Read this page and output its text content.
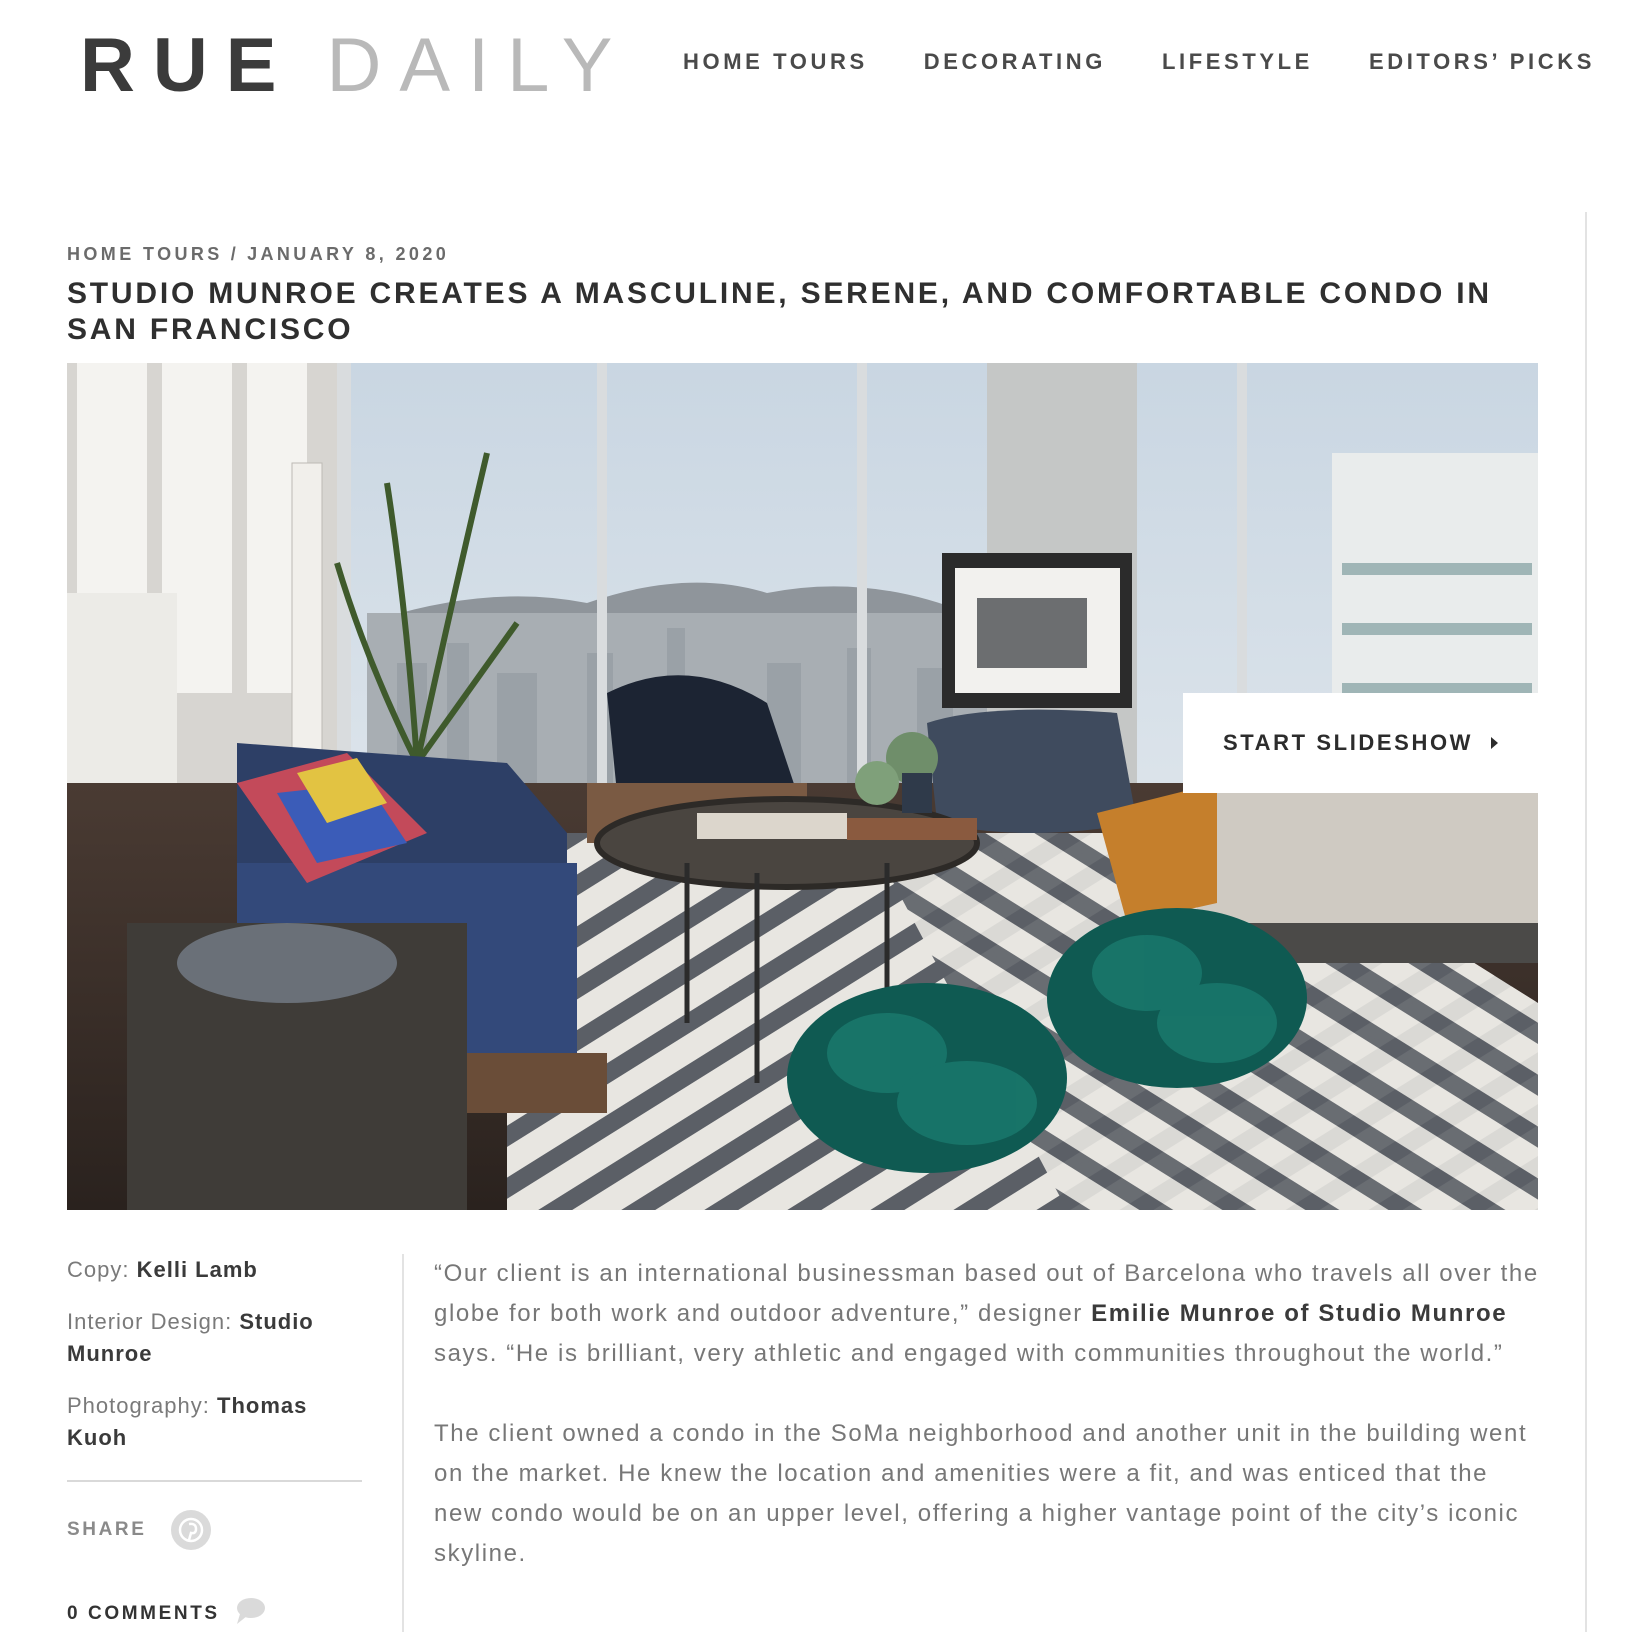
RUE DAILY HOME TOURS	DECORATING	LIFESTYLE	EDITORS’ PICKS
HOME TOURS / JANUARY 8, 2020
STUDIO MUNROE CREATES A MASCULINE, SERENE, AND COMFORTABLE CONDO IN SAN FRANCISCO
START SLIDESHOW

Copy: Kelli Lamb

Interior Design: Studio Munroe

Photography: Thomas Kuoh

SHARE
0 COMMENTS

“Our client is an international businessman based out of Barcelona who travels all over the globe for both work and outdoor adventure,” designer Emilie Munroe of Studio Munroe says. “He is brilliant, very athletic and engaged with communities throughout the world.”

The client owned a condo in the SoMa neighborhood and another unit in the building went on the market. He knew the location and amenities were a fit, and was enticed that the new condo would be on an upper level, offering a higher vantage point of the city’s iconic skyline.
